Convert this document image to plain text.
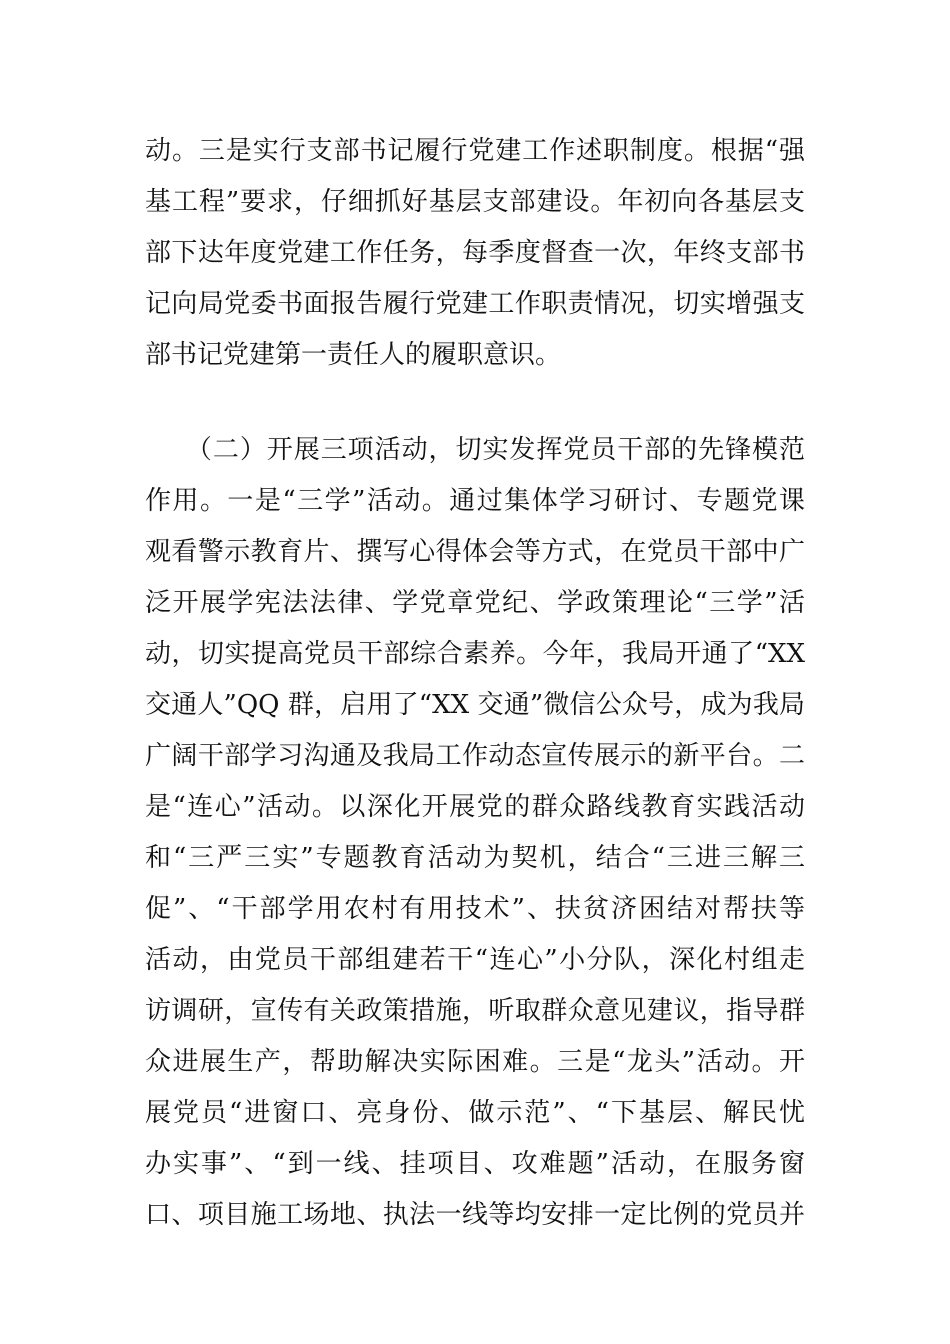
动。三是实行支部书记履行党建工作述职制度。根据“强
基工程”要求，仔细抓好基层支部建设。年初向各基层支
部下达年度党建工作任务，每季度督查一次，年终支部书
记向局党委书面报告履行党建工作职责情况，切实增强支
部书记党建第一责任人的履职意识。
　　（二）开展三项活动，切实发挥党员干部的先锋模范
作用。一是“三学”活动。通过集体学习研讨、专题党课
观看警示教育片、撰写心得体会等方式，在党员干部中广
泛开展学宪法法律、学党章党纪、学政策理论“三学”活
动，切实提高党员干部综合素养。今年，我局开通了“XX
交通人”QQ 群，启用了“XX 交通”微信公众号，成为我局
广阔干部学习沟通及我局工作动态宣传展示的新平台。二
是“连心”活动。以深化开展党的群众路线教育实践活动
和“三严三实”专题教育活动为契机，结合“三进三解三
促”、“干部学用农村有用技术”、扶贫济困结对帮扶等
活动，由党员干部组建若干“连心”小分队，深化村组走
访调研，宣传有关政策措施，听取群众意见建议，指导群
众进展生产，帮助解决实际困难。三是“龙头”活动。开
展党员“进窗口、亮身份、做示范”、“下基层、解民忧
办实事”、“到一线、挂项目、攻难题”活动，在服务窗
口、项目施工场地、执法一线等均安排一定比例的党员并
